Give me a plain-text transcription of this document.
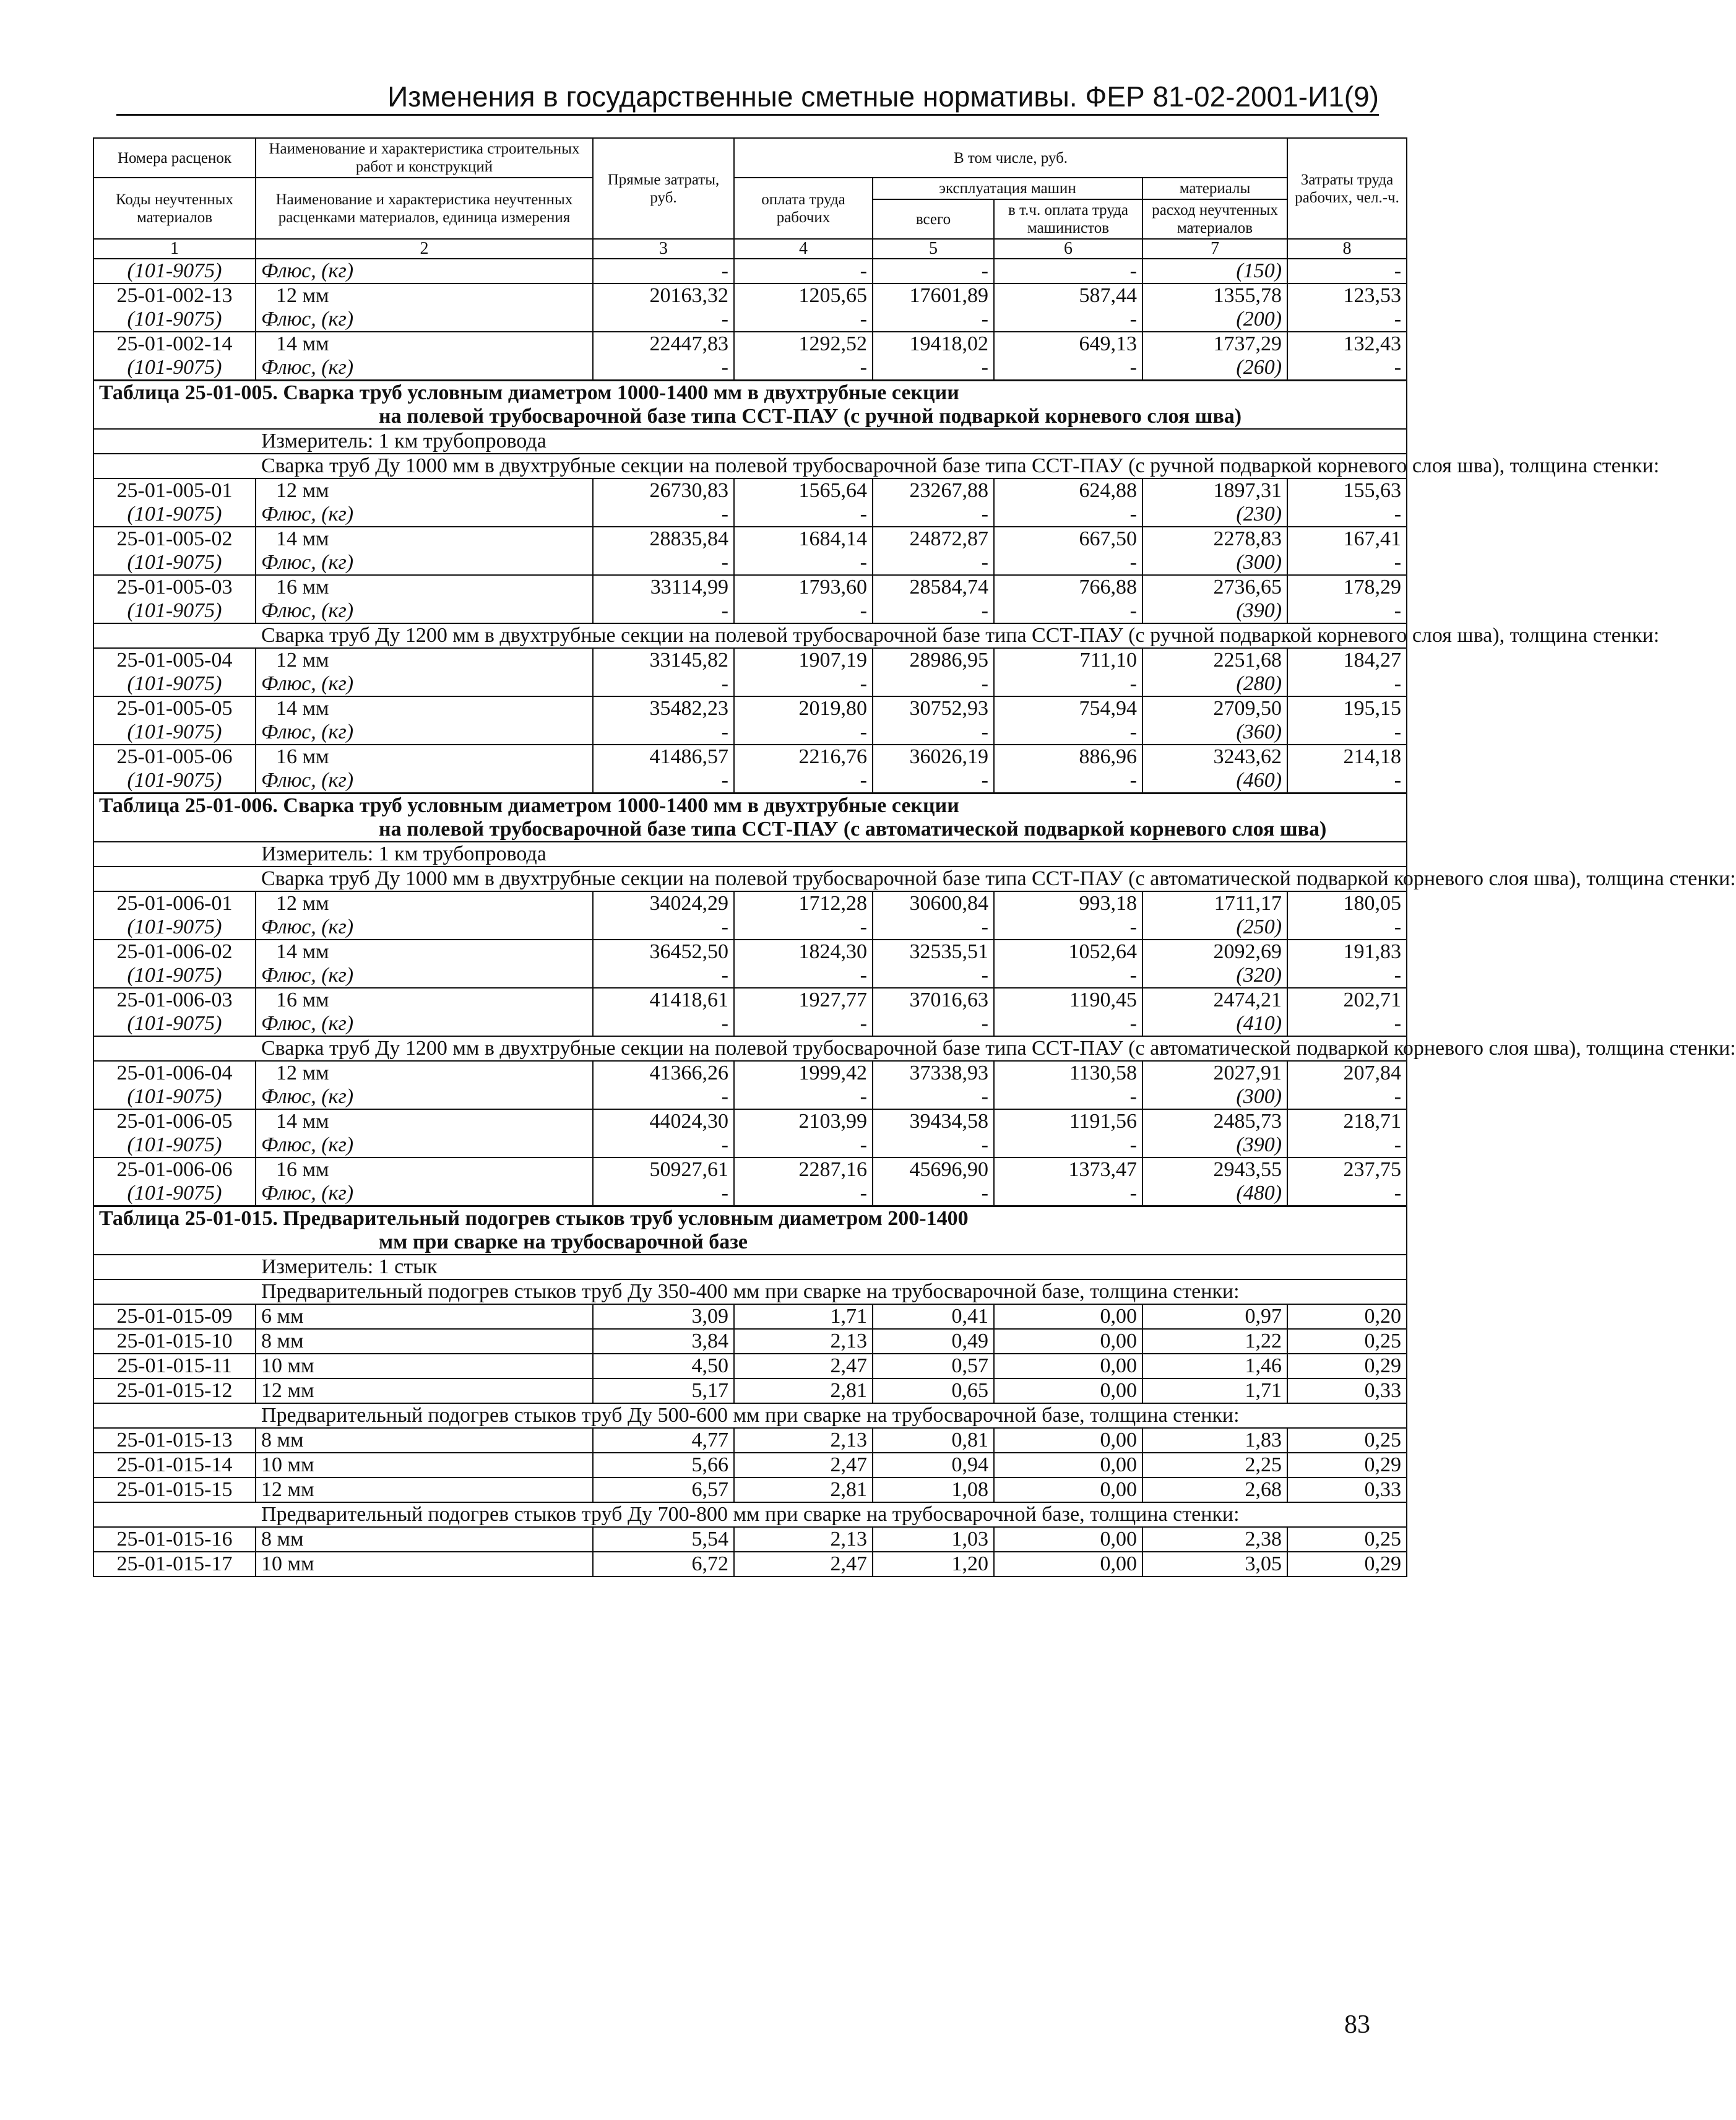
Изменения в государственные сметные нормативы. ФЕР 81-02-2001-И1(9)
Номера расценок	Наименование и характеристика строительных работ и конструкций	Прямые затраты, руб.	В том числе, руб.				Затраты труда рабочих, чел.-ч.
Коды неучтенных материалов	Наименование и характеристика неучтенных расценками материалов, единица измерения		оплата труда рабочих	эксплуатация машин		материалы	
				всего	в т.ч. оплата труда машинистов	расход неучтенных материалов	
1	2	3	4	5	6	7	8
(101-9075)	Флюс, (кг)	-	-	-	-	(150)	-
25-01-002-13	12 мм	20163,32	1205,65	17601,89	587,44	1355,78	123,53
(101-9075)	Флюс, (кг)	-	-	-	-	(200)	-
25-01-002-14	14 мм	22447,83	1292,52	19418,02	649,13	1737,29	132,43
(101-9075)	Флюс, (кг)	-	-	-	-	(260)	-
Таблица 25-01-005. Сварка труб условным диаметром 1000-1400 мм в двухтрубные секции
на полевой трубосварочной базе типа ССТ-ПАУ (с ручной подваркой корневого слоя шва)							

Измеритель: 1 км трубопровода							
Сварка труб Ду 1000 мм в двухтрубные секции на полевой трубосварочной базе типа ССТ-ПАУ (с ручной подваркой корневого слоя шва), толщина стенки:							
25-01-005-01	12 мм	26730,83	1565,64	23267,88	624,88	1897,31	155,63
(101-9075)	Флюс, (кг)	-	-	-	-	(230)	-
25-01-005-02	14 мм	28835,84	1684,14	24872,87	667,50	2278,83	167,41
(101-9075)	Флюс, (кг)	-	-	-	-	(300)	-
25-01-005-03	16 мм	33114,99	1793,60	28584,74	766,88	2736,65	178,29
(101-9075)	Флюс, (кг)	-	-	-	-	(390)	-
Сварка труб Ду 1200 мм в двухтрубные секции на полевой трубосварочной базе типа ССТ-ПАУ (с ручной подваркой корневого слоя шва), толщина стенки:							
25-01-005-04	12 мм	33145,82	1907,19	28986,95	711,10	2251,68	184,27
(101-9075)	Флюс, (кг)	-	-	-	-	(280)	-
25-01-005-05	14 мм	35482,23	2019,80	30752,93	754,94	2709,50	195,15
(101-9075)	Флюс, (кг)	-	-	-	-	(360)	-
25-01-005-06	16 мм	41486,57	2216,76	36026,19	886,96	3243,62	214,18
(101-9075)	Флюс, (кг)	-	-	-	-	(460)	-
Таблица 25-01-006. Сварка труб условным диаметром 1000-1400 мм в двухтрубные секции
на полевой трубосварочной базе типа ССТ-ПАУ (с автоматической подваркой корневого слоя шва)							

Измеритель: 1 км трубопровода							
Сварка труб Ду 1000 мм в двухтрубные секции на полевой трубосварочной базе типа ССТ-ПАУ (с автоматической подваркой корневого слоя шва), толщина стенки:							
25-01-006-01	12 мм	34024,29	1712,28	30600,84	993,18	1711,17	180,05
(101-9075)	Флюс, (кг)	-	-	-	-	(250)	-
25-01-006-02	14 мм	36452,50	1824,30	32535,51	1052,64	2092,69	191,83
(101-9075)	Флюс, (кг)	-	-	-	-	(320)	-
25-01-006-03	16 мм	41418,61	1927,77	37016,63	1190,45	2474,21	202,71
(101-9075)	Флюс, (кг)	-	-	-	-	(410)	-
Сварка труб Ду 1200 мм в двухтрубные секции на полевой трубосварочной базе типа ССТ-ПАУ (с автоматической подваркой корневого слоя шва), толщина стенки:							
25-01-006-04	12 мм	41366,26	1999,42	37338,93	1130,58	2027,91	207,84
(101-9075)	Флюс, (кг)	-	-	-	-	(300)	-
25-01-006-05	14 мм	44024,30	2103,99	39434,58	1191,56	2485,73	218,71
(101-9075)	Флюс, (кг)	-	-	-	-	(390)	-
25-01-006-06	16 мм	50927,61	2287,16	45696,90	1373,47	2943,55	237,75
(101-9075)	Флюс, (кг)	-	-	-	-	(480)	-
Таблица 25-01-015. Предварительный подогрев стыков труб условным диаметром 200-1400
мм при сварке на трубосварочной базе							

Измеритель: 1 стык							
Предварительный подогрев стыков труб Ду 350-400 мм при сварке на трубосварочной базе, толщина стенки:							
25-01-015-09	6 мм	3,09	1,71	0,41	0,00	0,97	0,20
25-01-015-10	8 мм	3,84	2,13	0,49	0,00	1,22	0,25
25-01-015-11	10 мм	4,50	2,47	0,57	0,00	1,46	0,29
25-01-015-12	12 мм	5,17	2,81	0,65	0,00	1,71	0,33
Предварительный подогрев стыков труб Ду 500-600 мм при сварке на трубосварочной базе, толщина стенки:							
25-01-015-13	8 мм	4,77	2,13	0,81	0,00	1,83	0,25
25-01-015-14	10 мм	5,66	2,47	0,94	0,00	2,25	0,29
25-01-015-15	12 мм	6,57	2,81	1,08	0,00	2,68	0,33
Предварительный подогрев стыков труб Ду 700-800 мм при сварке на трубосварочной базе, толщина стенки:							
25-01-015-16	8 мм	5,54	2,13	1,03	0,00	2,38	0,25
25-01-015-17	10 мм	6,72	2,47	1,20	0,00	3,05	0,29
83
